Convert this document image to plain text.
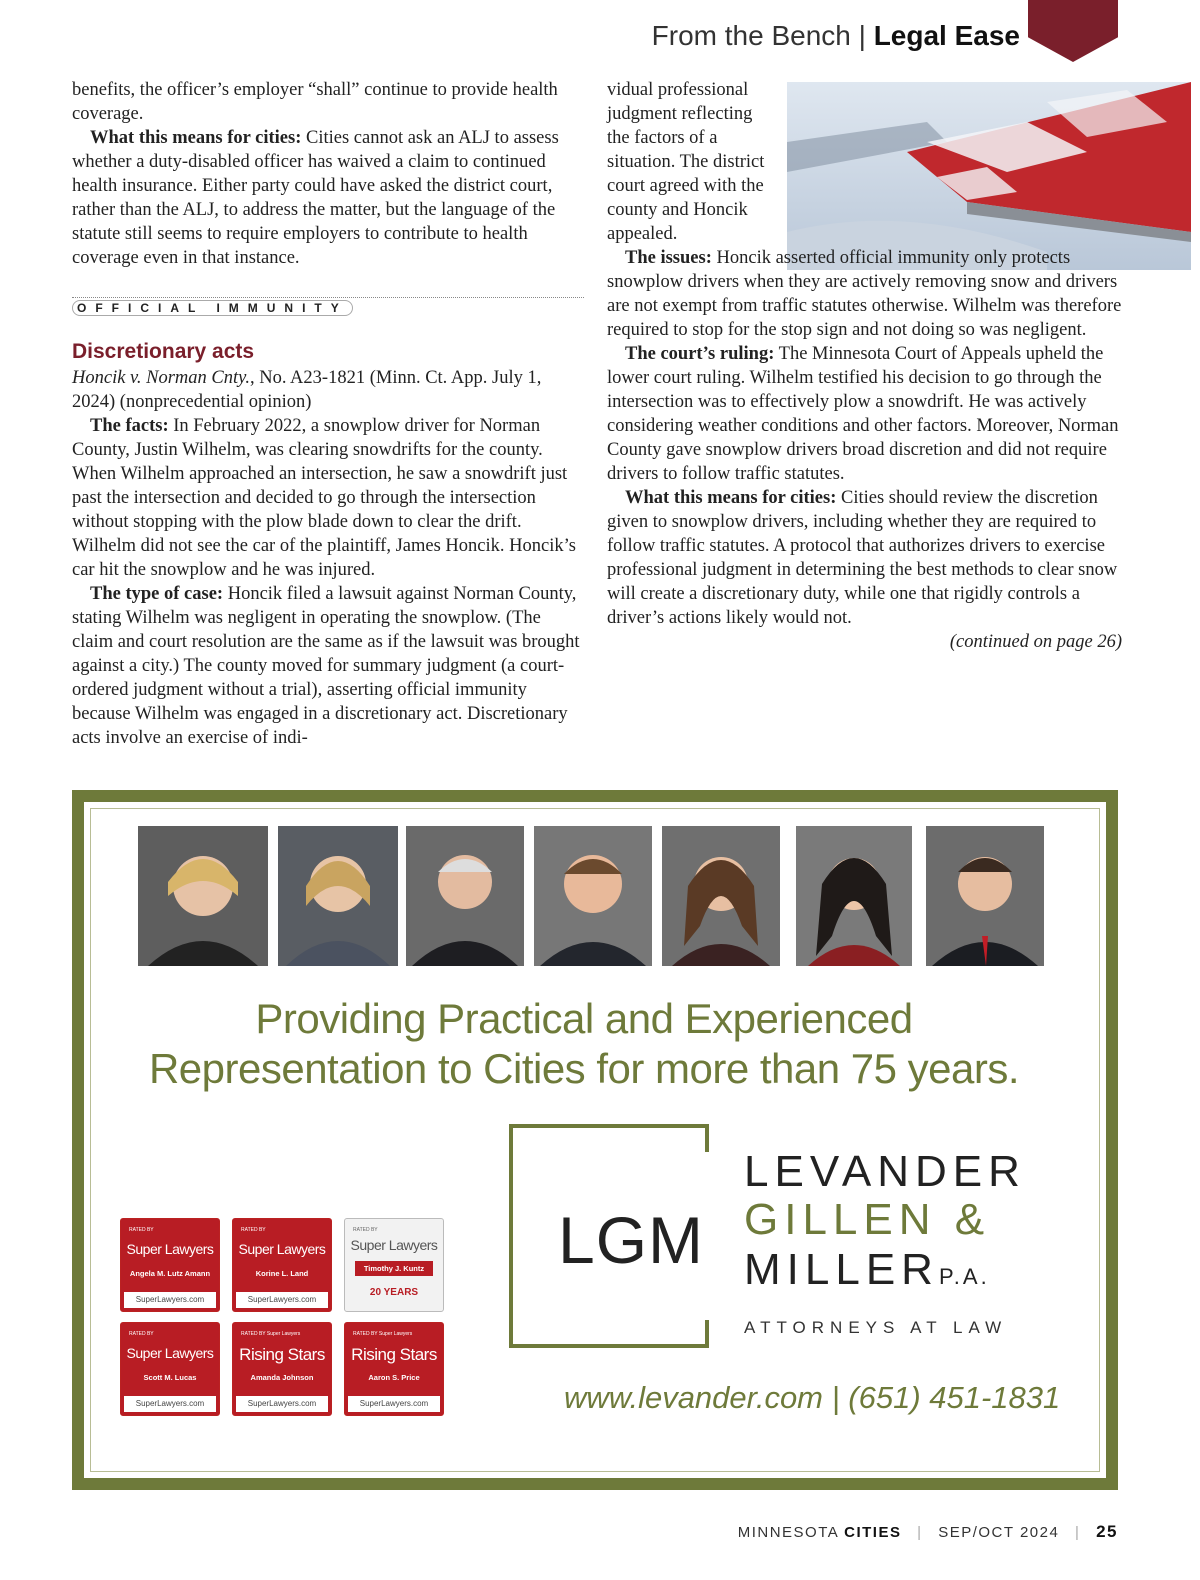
From the Bench | Legal Ease

benefits, the officer’s employer “shall” continue to provide health coverage.

What this means for cities: Cities cannot ask an ALJ to assess whether a duty-disabled officer has waived a claim to continued health insurance. Either party could have asked the district court, rather than the ALJ, to address the matter, but the language of the statute still seems to require employers to contribute to health coverage even in that instance.

OFFICIAL IMMUNITY
Discretionary acts

Honcik v. Norman Cnty., No. A23-1821 (Minn. Ct. App. July 1, 2024) (nonprecedential opinion)

The facts: In February 2022, a snowplow driver for Norman County, Justin Wilhelm, was clearing snowdrifts for the county. When Wilhelm approached an intersection, he saw a snowdrift just past the intersection and decided to go through the intersection without stopping with the plow blade down to clear the drift. Wilhelm did not see the car of the plaintiff, James Honcik. Honcik’s car hit the snowplow and he was injured.

The type of case: Honcik filed a lawsuit against Norman County, stating Wilhelm was negligent in operating the snowplow. (The claim and court resolution are the same as if the lawsuit was brought against a city.) The county moved for summary judgment (a court-ordered judgment without a trial), asserting official immunity because Wilhelm was engaged in a discretionary act. Discretionary acts involve an exercise of indi-

vidual professional judgment reflecting the factors of a situation. The district court agreed with the county and Honcik appealed.

The issues: Honcik asserted official immunity only protects snowplow drivers when they are actively removing snow and drivers are not exempt from traffic statutes otherwise. Wilhelm was therefore required to stop for the stop sign and not doing so was negligent.

The court’s ruling: The Minnesota Court of Appeals upheld the lower court ruling. Wilhelm testified his decision to go through the intersection was to effectively plow a snowdrift. He was actively considering weather conditions and other factors. Moreover, Norman County gave snowplow drivers broad discretion and did not require drivers to follow traffic statutes.

What this means for cities: Cities should review the discretion given to snowplow drivers, including whether they are required to follow traffic statutes. A protocol that authorizes drivers to exercise professional judgment in determining the best methods to clear snow will create a discretionary duty, while one that rigidly controls a driver’s actions likely would not.

(continued on page 26)

Providing Practical and Experienced
Representation to Cities for more than 75 years.
LGM
LEVANDER
GILLEN &
MILLERP.A.
ATTORNEYS AT LAW
www.levander.com | (651) 451-1831
RATED BY
Super Lawyers
Angela M. Lutz Amann
SuperLawyers.com
RATED BY
Super Lawyers
Korine L. Land
SuperLawyers.com
RATED BY
Super Lawyers
Timothy J. Kuntz
20 YEARS
RATED BY
Super Lawyers
Scott M. Lucas
SuperLawyers.com
RATED BY Super Lawyers
Rising Stars
Amanda Johnson
SuperLawyers.com
RATED BY Super Lawyers
Rising Stars
Aaron S. Price
SuperLawyers.com
MINNESOTA CITIES | SEP/OCT 2024 | 25
